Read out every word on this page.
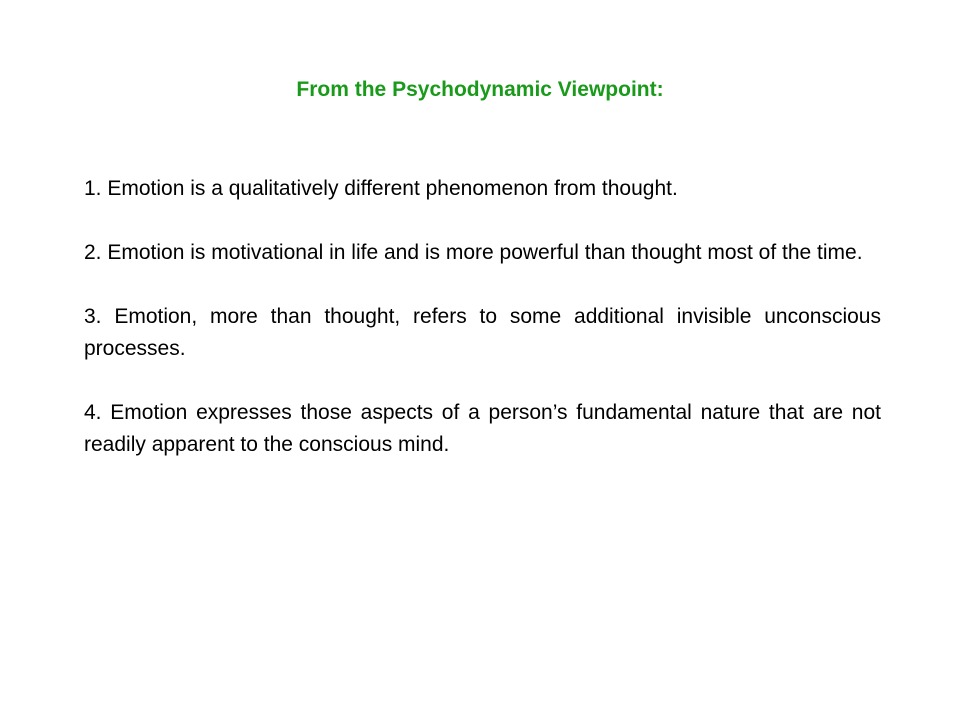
From the Psychodynamic Viewpoint:

1. Emotion is a qualitatively different phenomenon from thought.

2. Emotion is motivational in life and is more powerful than thought most of the time.

3. Emotion, more than thought, refers to some additional invisible unconscious processes.

4. Emotion expresses those aspects of a person’s fundamental nature that are not readily apparent to the conscious mind.
